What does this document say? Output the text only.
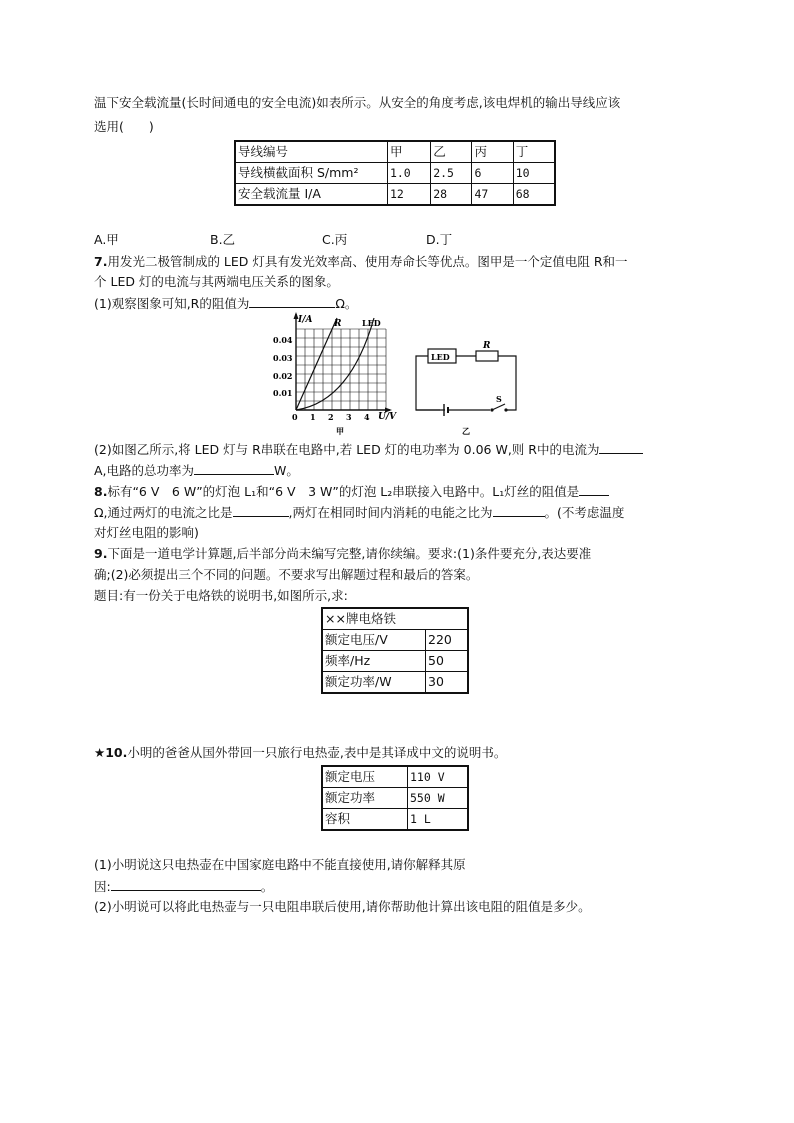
温下安全载流量(长时间通电的安全电流)如表所示。从安全的角度考虑,该电焊机的输出导线应该
选用(　　)
导线编号	甲	乙	丙	丁
导线横截面积 S/mm²	1.0	2.5	6	10
安全载流量 I/A	12	28	47	68
A.甲	B.乙	C.丙	D.丁
7.用发光二极管制成的 LED 灯具有发光效率高、使用寿命长等优点。图甲是一个定值电阻 R和一
个 LED 灯的电流与其两端电压关系的图象。
(1)观察图象可知,R的阻值为	Ω。
I/A
U/V
R	LED
0.04
0.03
0.02
0.01
0 1 2 3 4
甲
LED
R
S
乙
(2)如图乙所示,将 LED 灯与 R串联在电路中,若 LED 灯的电功率为 0.06 W,则 R中的电流为
A,电路的总功率为	W。
8.标有“6 V　6 W”的灯泡 L₁和“6 V　3 W”的灯泡 L₂串联接入电路中。L₁灯丝的阻值是
Ω,通过两灯的电流之比是	,两灯在相同时间内消耗的电能之比为	。(不考虑温度
对灯丝电阻的影响)
9.下面是一道电学计算题,后半部分尚未编写完整,请你续编。要求:(1)条件要充分,表达要准
确;(2)必须提出三个不同的问题。不要求写出解题过程和最后的答案。
题目:有一份关于电烙铁的说明书,如图所示,求:
××牌电烙铁	
额定电压/V	220
频率/Hz	50
额定功率/W	30
★10.小明的爸爸从国外带回一只旅行电热壶,表中是其译成中文的说明书。
额定电压	110 V
额定功率	550 W
容积	1 L
(1)小明说这只电热壶在中国家庭电路中不能直接使用,请你解释其原
因:	。
(2)小明说可以将此电热壶与一只电阻串联后使用,请你帮助他计算出该电阻的阻值是多少。
